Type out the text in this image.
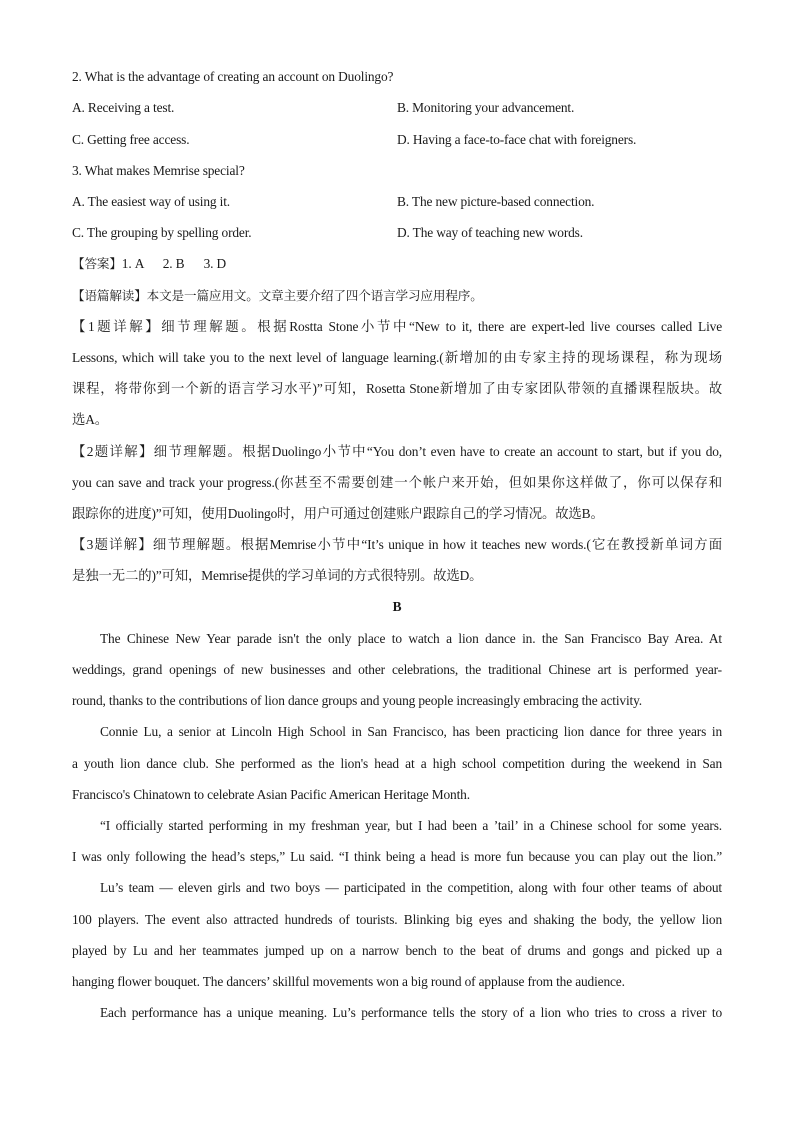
2. What is the advantage of creating an account on Duolingo?
A. Receiving a test.	B. Monitoring your advancement.
C. Getting free access.	D. Having a face-to-face chat with foreigners.
3. What makes Memrise special?
A. The easiest way of using it.	B. The new picture-based connection.
C. The grouping by spelling order.	D. The way of teaching new words.
【答案】1. A      2. B      3. D
【语篇解读】本文是一篇应用文。文章主要介绍了四个语言学习应用程序。
【1题详解】细节理解题。根据Rostta Stone小节中“New to it, there are expert-led live courses called Live
Lessons, which will take you to the next level of language learning.(新增加的由专家主持的现场课程，称为现场
课程，将带你到一个新的语言学习水平)”可知，Rosetta Stone新增加了由专家团队带领的直播课程版块。故
选A。
【2题详解】细节理解题。根据Duolingo小节中“You don’t even have to create an account to start, but if you do,
you can save and track your progress.(你甚至不需要创建一个帐户来开始，但如果你这样做了，你可以保存和
跟踪你的进度)”可知，使用Duolingo时，用户可通过创建账户跟踪自己的学习情况。故选B。
【3题详解】细节理解题。根据Memrise小节中“It’s unique in how it teaches new words.(它在教授新单词方面
是独一无二的)”可知，Memrise提供的学习单词的方式很特别。故选D。
B
The Chinese New Year parade isn't the only place to watch a lion dance in. the San Francisco Bay Area. At
weddings, grand openings of new businesses and other celebrations, the traditional Chinese art is performed year-
round, thanks to the contributions of lion dance groups and young people increasingly embracing the activity.
Connie Lu, a senior at Lincoln High School in San Francisco, has been practicing lion dance for three years in
a youth lion dance club. She performed as the lion's head at a high school competition during the weekend in San
Francisco's Chinatown to celebrate Asian Pacific American Heritage Month.
“I officially started performing in my freshman year, but I had been a ’tail’ in a Chinese school for some years.
I was only following the head’s steps,” Lu said. “I think being a head is more fun because you can play out the lion.”
Lu’s team — eleven girls and two boys — participated in the competition, along with four other teams of about
100 players. The event also attracted hundreds of tourists. Blinking big eyes and shaking the body, the yellow lion
played by Lu and her teammates jumped up on a narrow bench to the beat of drums and gongs and picked up a
hanging flower bouquet. The dancers’ skillful movements won a big round of applause from the audience.
Each performance has a unique meaning. Lu’s performance tells the story of a lion who tries to cross a river to
